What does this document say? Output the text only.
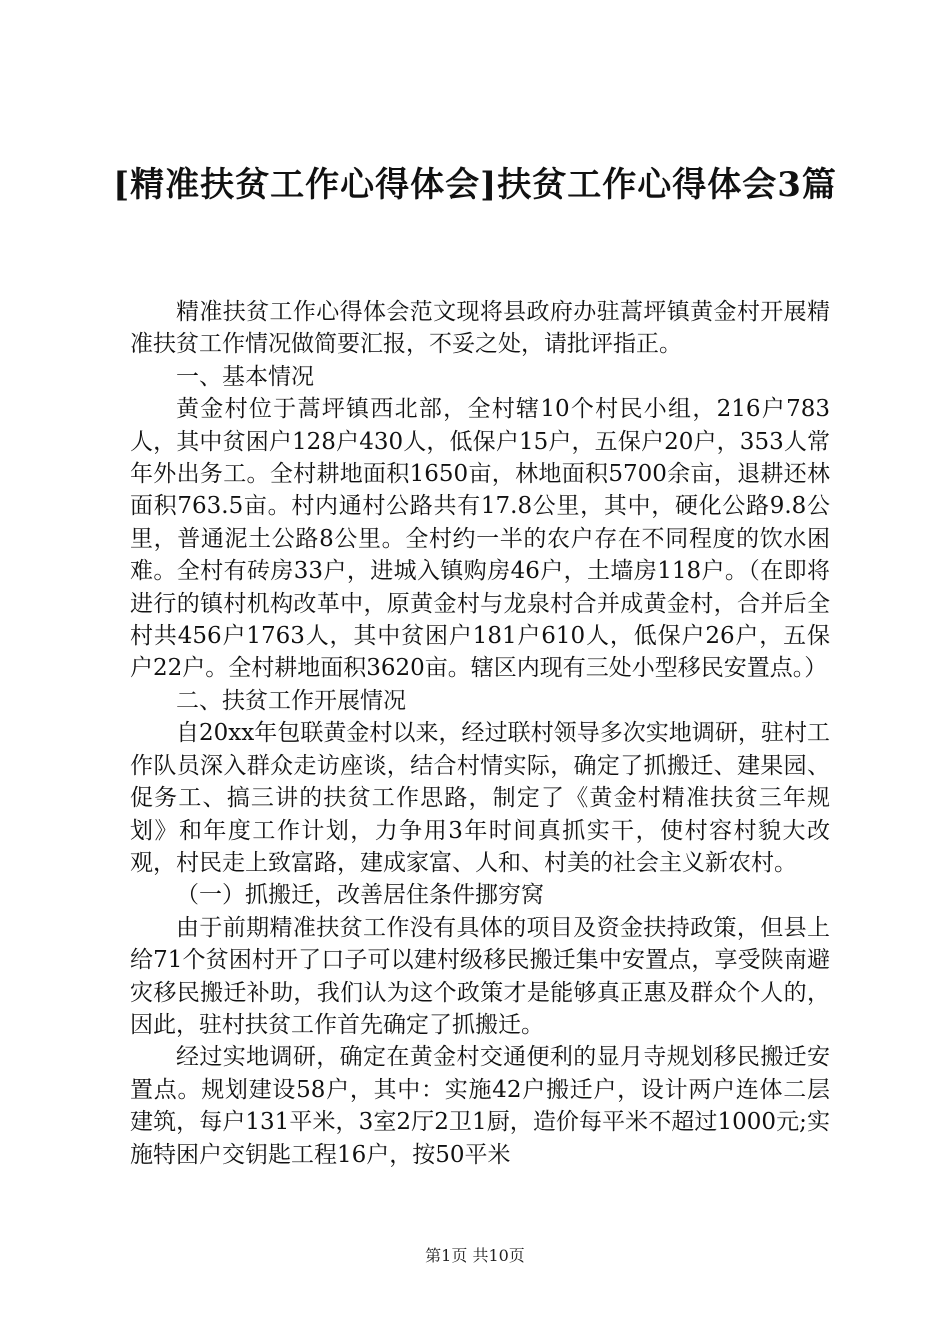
[精准扶贫工作心得体会]扶贫工作心得体会3篇

精准扶贫工作心得体会范文现将县政府办驻蒿坪镇黄金村开展精准扶贫工作情况做简要汇报，不妥之处，请批评指正。

一、基本情况

黄金村位于蒿坪镇西北部，全村辖10个村民小组，216户783人，其中贫困户128户430人，低保户15户，五保户20户，353人常年外出务工。全村耕地面积1650亩，林地面积5700余亩，退耕还林面积763.5亩。村内通村公路共有17.8公里，其中，硬化公路9.8公里，普通泥土公路8公里。全村约一半的农户存在不同程度的饮水困难。全村有砖房33户，进城入镇购房46户，土墙房118户。（在即将进行的镇村机构改革中，原黄金村与龙泉村合并成黄金村，合并后全村共456户1763人，其中贫困户181户610人，低保户26户，五保户22户。全村耕地面积3620亩。辖区内现有三处小型移民安置点。）

二、扶贫工作开展情况

自20xx年包联黄金村以来，经过联村领导多次实地调研，驻村工作队员深入群众走访座谈，结合村情实际，确定了抓搬迁、建果园、促务工、搞三讲的扶贫工作思路，制定了《黄金村精准扶贫三年规划》和年度工作计划，力争用3年时间真抓实干，使村容村貌大改观，村民走上致富路，建成家富、人和、村美的社会主义新农村。

（一）抓搬迁，改善居住条件挪穷窝

由于前期精准扶贫工作没有具体的项目及资金扶持政策，但县上给71个贫困村开了口子可以建村级移民搬迁集中安置点，享受陕南避灾移民搬迁补助，我们认为这个政策才是能够真正惠及群众个人的，因此，驻村扶贫工作首先确定了抓搬迁。

经过实地调研，确定在黄金村交通便利的显月寺规划移民搬迁安置点。规划建设58户，其中：实施42户搬迁户，设计两户连体二层建筑，每户131平米，3室2厅2卫1厨，造价每平米不超过1000元;实施特困户交钥匙工程16户，按50平米

第1页 共10页
